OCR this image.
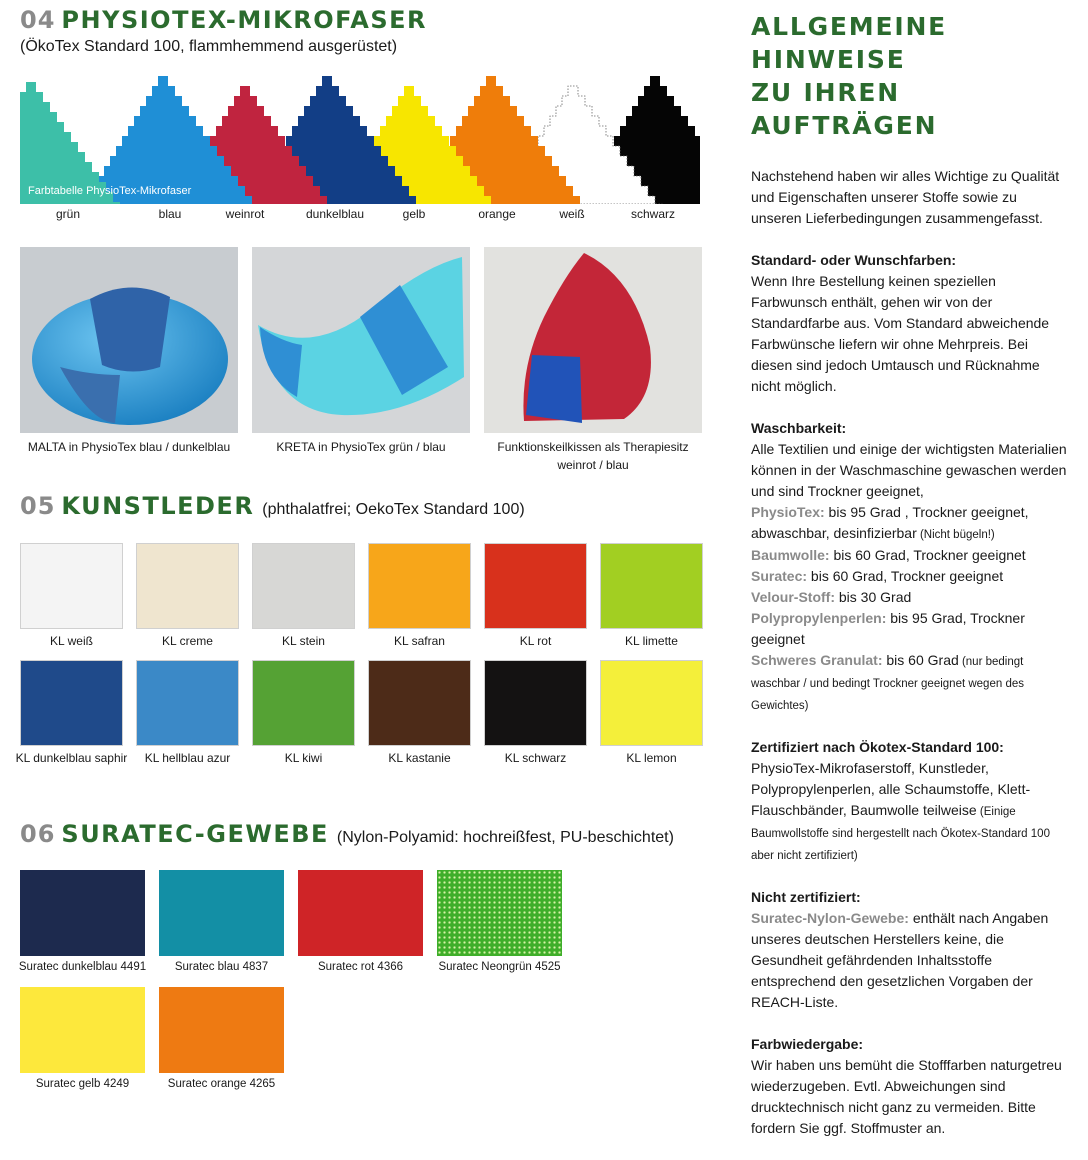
04 PHYSIOTEX-MIKROFASER
(ÖkoTex Standard 100, flammhemmend ausgerüstet)
Farbtabelle PhysioTex-Mikrofaser
grün	blau	weinrot	dunkelblau	gelb	orange	weiß	schwarz
MALTA in PhysioTex blau / dunkelblau	KRETA in PhysioTex grün / blau	Funktionskeilkissen als Therapiesitz
weinrot / blau
05 KUNSTLEDER (phthalatfrei; OekoTex Standard 100)
KL weiß	KL creme	KL stein	KL safran	KL rot	KL limette
KL dunkelblau saphir	KL hellblau azur	KL kiwi	KL kastanie	KL schwarz	KL lemon
06 SURATEC-GEWEBE (Nylon-Polyamid: hochreißfest, PU-beschichtet)
Suratec dunkelblau 4491	Suratec blau 4837	Suratec rot 4366	Suratec Neongrün 4525
Suratec gelb 4249	Suratec orange 4265
ALLGEMEINE HINWEISE
ZU IHREN AUFTRÄGEN

Nachstehend haben wir alles Wichtige zu Qualität und Eigenschaften unserer Stoffe sowie zu unseren Lieferbedingungen zusammengefasst.

Standard- oder Wunschfarben:
Wenn Ihre Bestellung keinen speziellen Farbwunsch enthält, gehen wir von der Standardfarbe aus. Vom Standard abweichende Farbwünsche liefern wir ohne Mehrpreis. Bei diesen sind jedoch Umtausch und Rücknahme nicht möglich.

Waschbarkeit:
Alle Textilien und einige der wichtigsten Materialien können in der Waschmaschine gewaschen werden und sind Trockner geeignet,
PhysioTex: bis 95 Grad , Trockner geeignet, abwaschbar, desinfizierbar (Nicht bügeln!)
Baumwolle: bis 60 Grad, Trockner geeignet
Suratec: bis 60 Grad, Trockner geeignet
Velour-Stoff: bis 30 Grad
Polypropylenperlen: bis 95 Grad, Trockner geeignet
Schweres Granulat: bis 60 Grad (nur bedingt waschbar / und bedingt Trockner geeignet wegen des Gewichtes)

Zertifiziert nach Ökotex-Standard 100:
PhysioTex-Mikrofaserstoff, Kunstleder, Polypropylenperlen, alle Schaumstoffe, Klett-Flauschbänder, Baumwolle teilweise (Einige Baumwollstoffe sind hergestellt nach Ökotex-Standard 100 aber nicht zertifiziert)

Nicht zertifiziert:
Suratec-Nylon-Gewebe: enthält nach Angaben unseres deutschen Herstellers keine, die Gesundheit gefährdenden Inhaltsstoffe entsprechend den gesetzlichen Vorgaben der REACH-Liste.

Farbwiedergabe:
Wir haben uns bemüht die Stofffarben naturgetreu wiederzugeben. Evtl. Abweichungen sind drucktechnisch nicht ganz zu vermeiden. Bitte fordern Sie ggf. Stoffmuster an.
